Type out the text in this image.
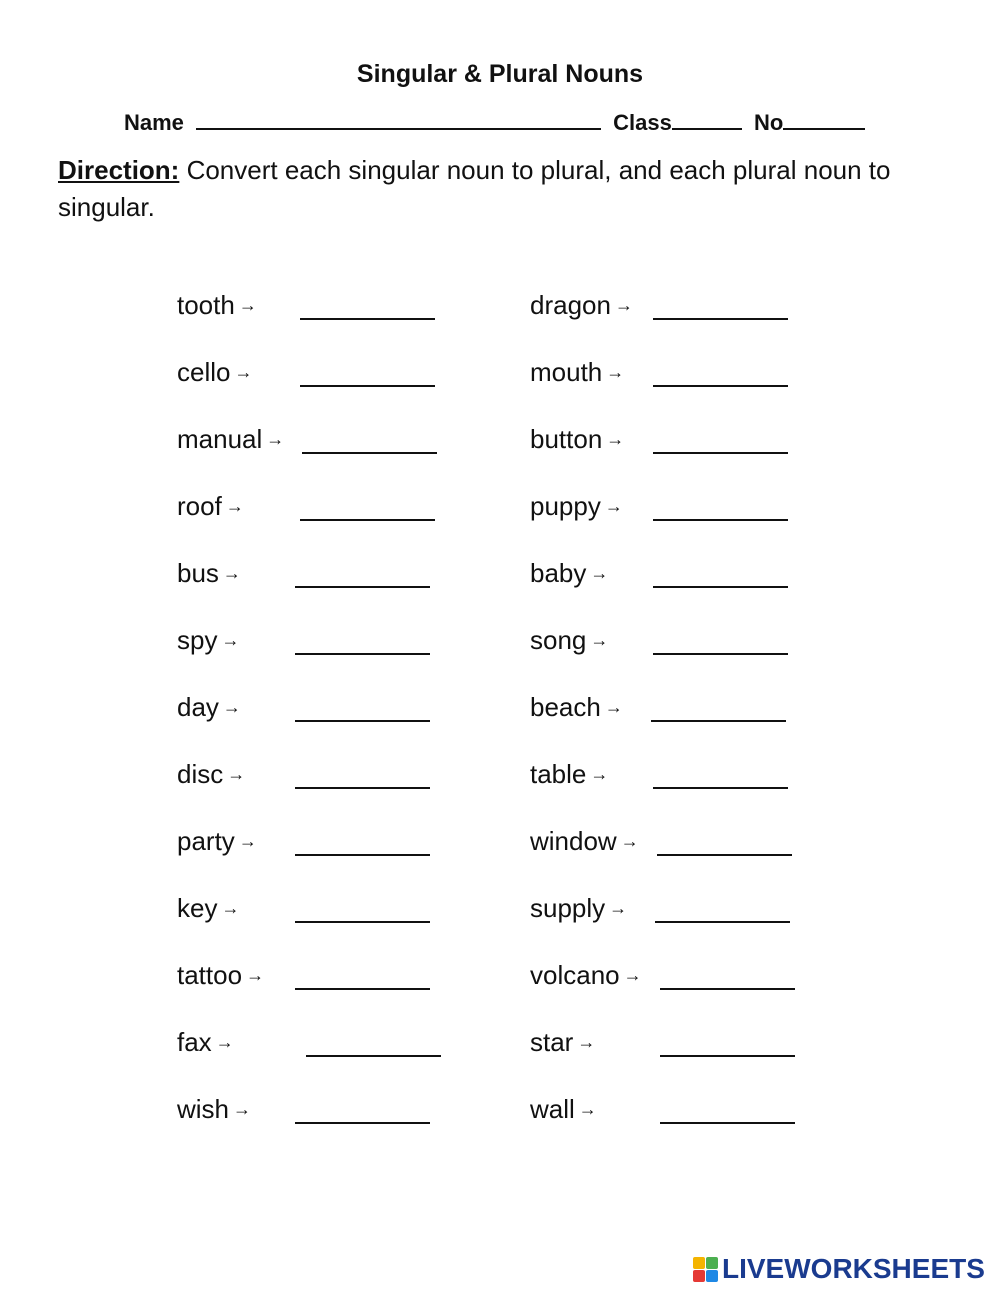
Singular & Plural Nouns
Name	Class	No
Direction: Convert each singular noun to plural, and each plural noun to singular.
tooth →
cello →
manual →
roof →
bus →
spy →
day →
disc →
party →
key →
tattoo →
fax →
wish →
dragon →
mouth →
button →
puppy →
baby →
song →
beach →
table →
window →
supply →
volcano →
star →
wall →
LIVEWORKSHEETS
